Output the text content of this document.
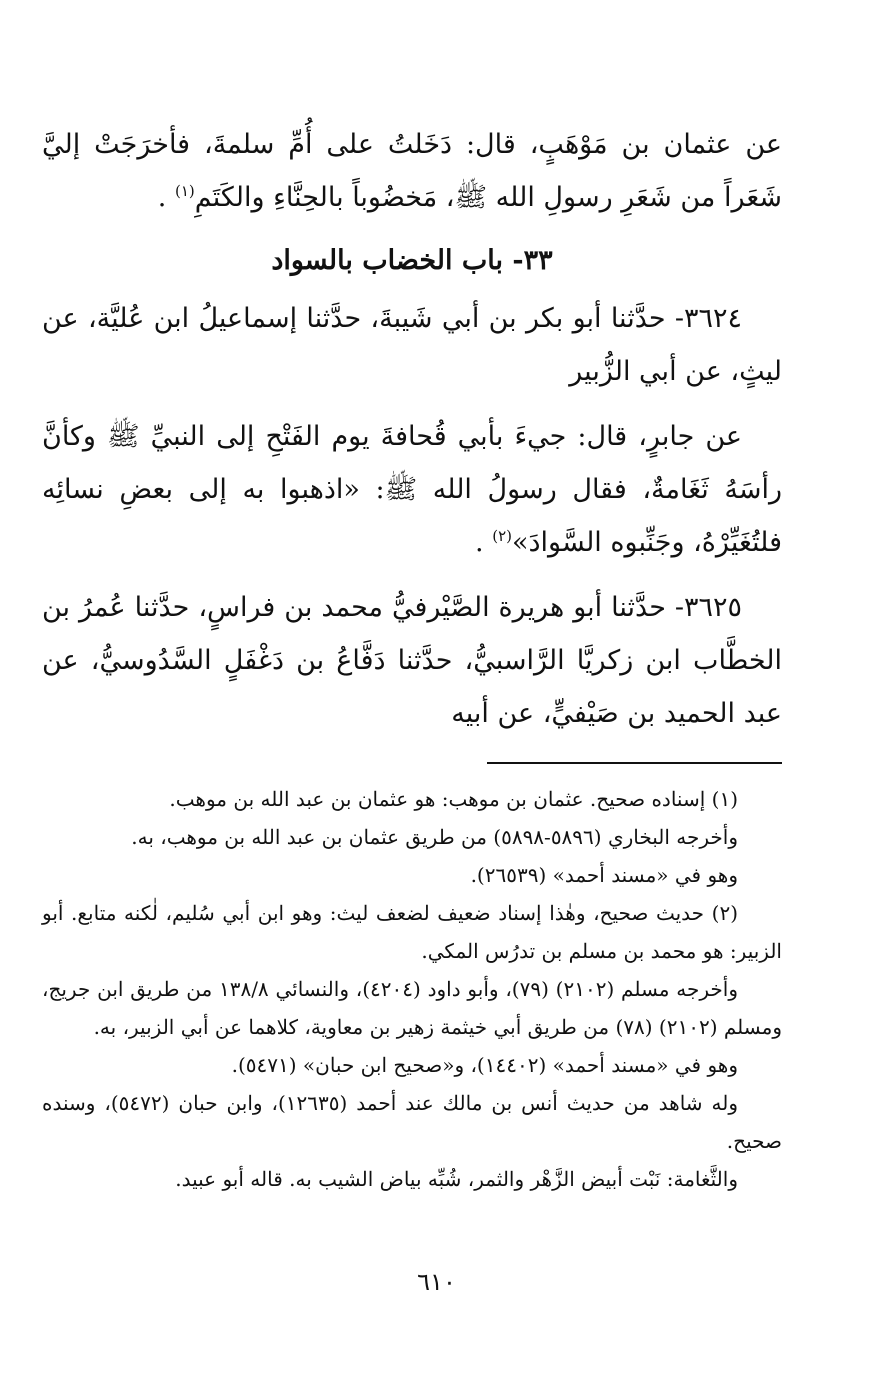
عن عثمان بن مَوْهَبٍ، قال: دَخَلتُ على أُمِّ سلمةَ، فأخرَجَتْ إليَّ شَعَراً من شَعَرِ رسولِ الله ﷺ، مَخضُوباً بالحِنَّاءِ والكَتَمِ$^{(١)}$ .

٣٣- باب الخضاب بالسواد

٣٦٢٤- حدَّثنا أبو بكر بن أبي شَيبةَ، حدَّثنا إسماعيلُ ابن عُليَّة، عن ليثٍ، عن أبي الزُّبير

عن جابرٍ، قال: جيءَ بأبي قُحافةَ يوم الفَتْحِ إلى النبيِّ ﷺ وكأنَّ رأسَهُ ثَغَامةٌ، فقال رسولُ الله ﷺ: «اذهبوا به إلى بعضِ نسائِه فلتُغَيِّرْهُ، وجَنِّبوه السَّوادَ»$^{(٢)}$ .

٣٦٢٥- حدَّثنا أبو هريرة الصَّيْرفيُّ محمد بن فراسٍ، حدَّثنا عُمرُ بن الخطَّاب ابن زكريَّا الرَّاسبيُّ، حدَّثنا دَفَّاعُ بن دَغْفَلٍ السَّدُوسيُّ، عن عبد الحميد بن صَيْفيٍّ، عن أبيه

(١) إسناده صحيح. عثمان بن موهب: هو عثمان بن عبد الله بن موهب.

وأخرجه البخاري (٥٨٩٦-٥٨٩٨) من طريق عثمان بن عبد الله بن موهب، به.

وهو في «مسند أحمد» (٢٦٥٣٩).

(٢) حديث صحيح، وهٰذا إسناد ضعيف لضعف ليث: وهو ابن أبي سُليم، لٰكنه متابع. أبو الزبير: هو محمد بن مسلم بن تدرُس المكي.

وأخرجه مسلم (٢١٠٢) (٧٩)، وأبو داود (٤٢٠٤)، والنسائي ١٣٨/٨ من طريق ابن جريج، ومسلم (٢١٠٢) (٧٨) من طريق أبي خيثمة زهير بن معاوية، كلاهما عن أبي الزبير، به.

وهو في «مسند أحمد» (١٤٤٠٢)، و«صحيح ابن حبان» (٥٤٧١).

وله شاهد من حديث أنس بن مالك عند أحمد (١٢٦٣٥)، وابن حبان (٥٤٧٢)، وسنده صحيح.

والثَّغامة: نَبْت أبيض الزَّهْر والثمر، شُبِّه بياض الشيب به. قاله أبو عبيد.

٦١٠
